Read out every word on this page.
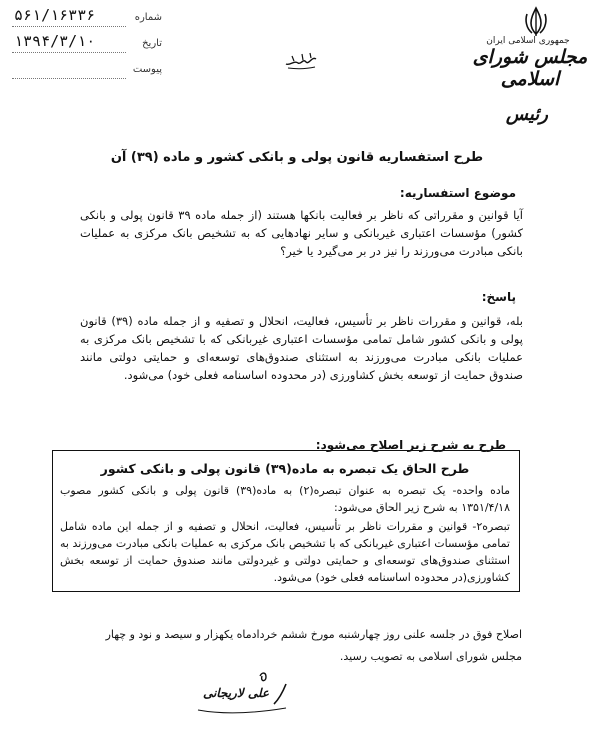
۵۶۱/۱۶۳۳۶	شماره
۱۳۹۴/۳/۱۰	تاریخ
پیوست
جمهوری اسلامی ایران
مجلس شورای
اسلامی
رئیس
طرح استفساریه قانون پولی و بانکی کشور و ماده (۳۹) آن
موضوع استفساریه:

آیا قوانین و مقرراتی که ناظر بر فعالیت بانکها هستند (از جمله ماده ۳۹ قانون پولی و بانکی کشور) مؤسسات اعتباری غیربانکی و سایر نهادهایی که به تشخیص بانک مرکزی به عملیات بانکی مبادرت می‌ورزند را نیز در بر می‌گیرد یا خیر؟

پاسخ:

بله، قوانین و مقررات ناظر بر تأسیس، فعالیت، انحلال و تصفیه و از جمله ماده (۳۹) قانون پولی و بانکی کشور شامل تمامی مؤسسات اعتباری غیربانکی که با تشخیص بانک مرکزی به عملیات بانکی مبادرت می‌ورزند به استثنای صندوق‌های توسعه‌ای و حمایتی دولتی مانند صندوق حمایت از توسعه بخش کشاورزی (در محدوده اساسنامه فعلی خود) می‌شود.

طرح به شرح زیر اصلاح می‌شود:
طرح الحاق یک تبصره به ماده(۳۹) قانون پولی و بانکی کشور

ماده واحده- یک تبصره به عنوان تبصره(۲) به ماده(۳۹) قانون پولی و بانکی کشور مصوب ۱۳۵۱/۴/۱۸ به شرح زیر الحاق می‌شود:

تبصره۲- قوانین و مقررات ناظر بر تأسیس، فعالیت، انحلال و تصفیه و از جمله این ماده شامل تمامی مؤسسات اعتباری غیربانکی که با تشخیص بانک مرکزی به عملیات بانکی مبادرت می‌ورزند به استثنای صندوق‌های توسعه‌ای و حمایتی دولتی و غیردولتی مانند صندوق حمایت از توسعه بخش کشاورزی(در محدوده اساسنامه فعلی خود) می‌شود.

اصلاح فوق در جلسه علنی روز چهارشنبه مورخ ششم خردادماه یکهزار و سیصد و نود و چهار مجلس شورای اسلامی به تصویب رسید.

علی لاریجانی
